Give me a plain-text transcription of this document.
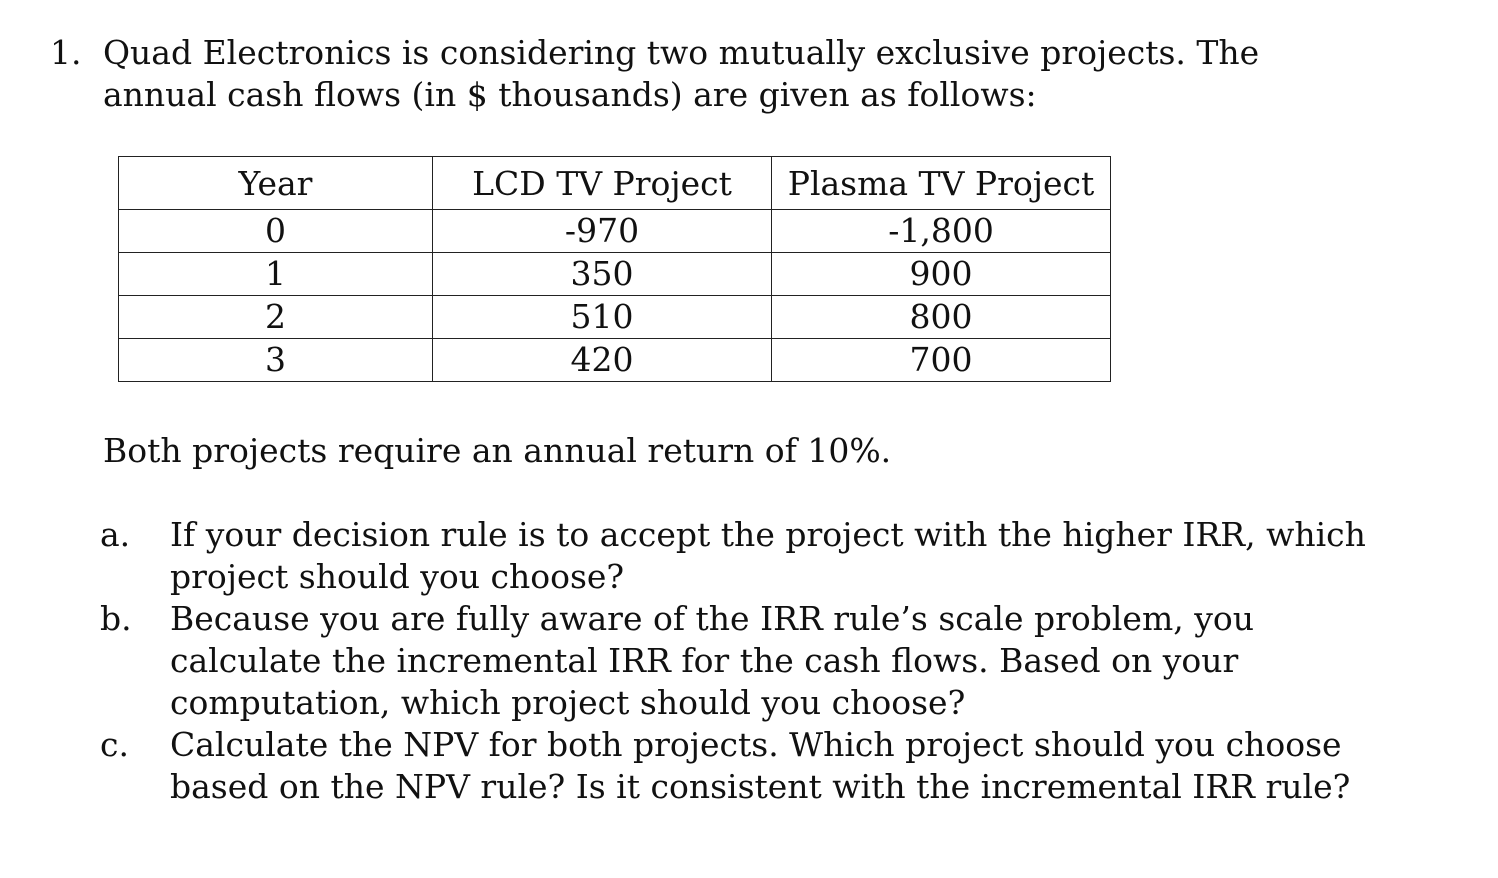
1. Quad Electronics is considering two mutually exclusive projects. The annual cash flows (in $ thousands) are given as follows:
Year	LCD TV Project	Plasma TV Project
0	-970	-1,800
1	350	900
2	510	800
3	420	700
Both projects require an annual return of 10%.
a.	If your decision rule is to accept the project with the higher IRR, which project should you choose?
b.	Because you are fully aware of the IRR rule’s scale problem, you calculate the incremental IRR for the cash flows. Based on your computation, which project should you choose?
c.	Calculate the NPV for both projects. Which project should you choose based on the NPV rule? Is it consistent with the incremental IRR rule?
